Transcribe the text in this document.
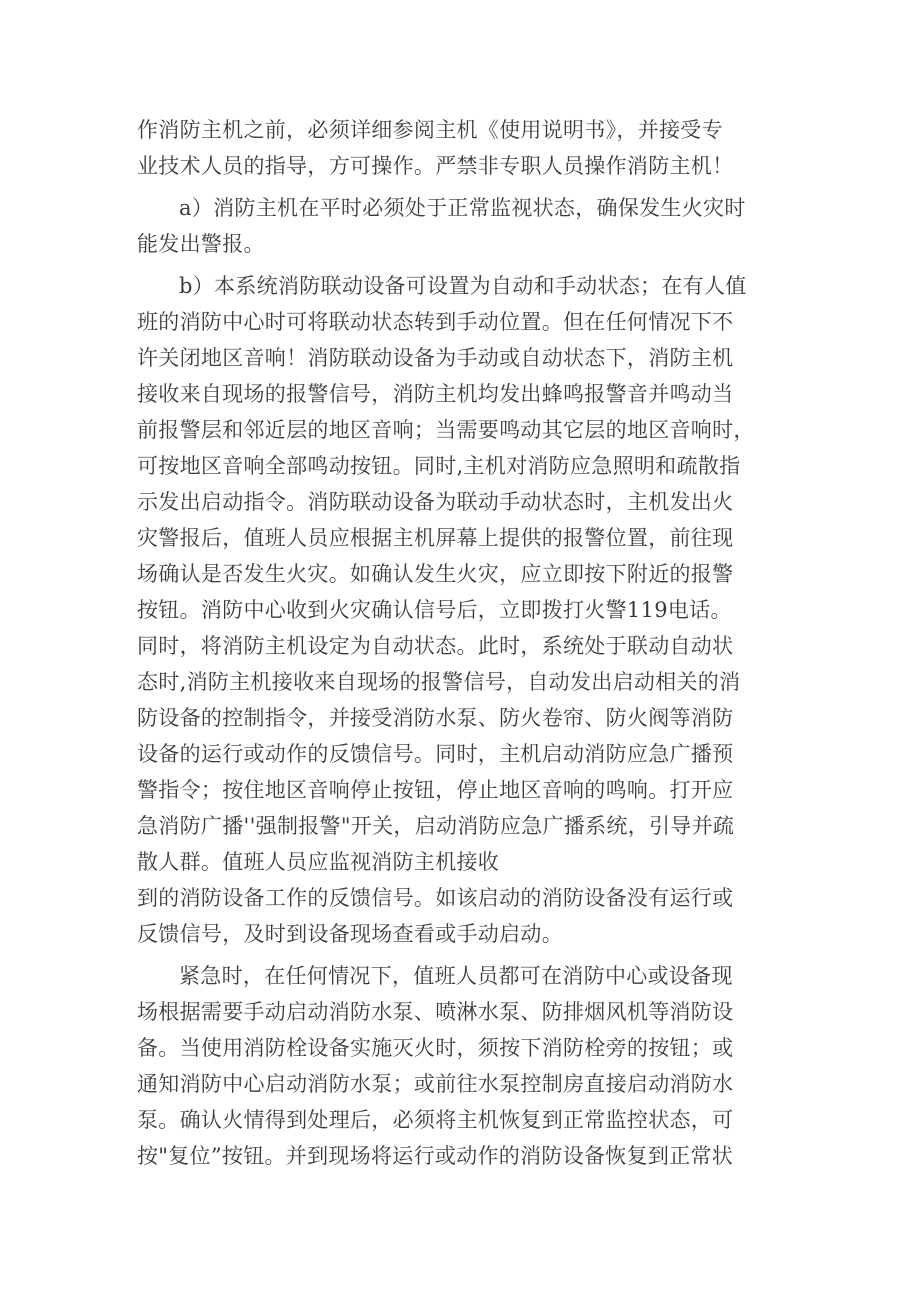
作消防主机之前，必须详细参阅主机《使用说明书》，并接受专
业技术人员的指导，方可操作。严禁非专职人员操作消防主机！
a）消防主机在平时必须处于正常监视状态，确保发生火灾时
能发出警报。
b）本系统消防联动设备可设置为自动和手动状态；在有人值
班的消防中心时可将联动状态转到手动位置。但在任何情况下不
许关闭地区音响！消防联动设备为手动或自动状态下，消防主机
接收来自现场的报警信号，消防主机均发出蜂鸣报警音并鸣动当
前报警层和邻近层的地区音响；当需要鸣动其它层的地区音响时，
可按地区音响全部鸣动按钮。同时,主机对消防应急照明和疏散指
示发出启动指令。消防联动设备为联动手动状态时，主机发出火
灾警报后，值班人员应根据主机屏幕上提供的报警位置，前往现
场确认是否发生火灾。如确认发生火灾，应立即按下附近的报警
按钮。消防中心收到火灾确认信号后，立即拨打火警119电话。
同时，将消防主机设定为自动状态。此时，系统处于联动自动状
态时,消防主机接收来自现场的报警信号，自动发出启动相关的消
防设备的控制指令，并接受消防水泵、防火卷帘、防火阀等消防
设备的运行或动作的反馈信号。同时，主机启动消防应急广播预
警指令；按住地区音响停止按钮，停止地区音响的鸣响。打开应
急消防广播''强制报警"开关，启动消防应急广播系统，引导并疏
散人群。值班人员应监视消防主机接收
到的消防设备工作的反馈信号。如该启动的消防设备没有运行或
反馈信号，及时到设备现场查看或手动启动。
紧急时，在任何情况下，值班人员都可在消防中心或设备现
场根据需要手动启动消防水泵、喷淋水泵、防排烟风机等消防设
备。当使用消防栓设备实施灭火时，须按下消防栓旁的按钮；或
通知消防中心启动消防水泵；或前往水泵控制房直接启动消防水
泵。确认火情得到处理后，必须将主机恢复到正常监控状态，可
按"复位”按钮。并到现场将运行或动作的消防设备恢复到正常状
